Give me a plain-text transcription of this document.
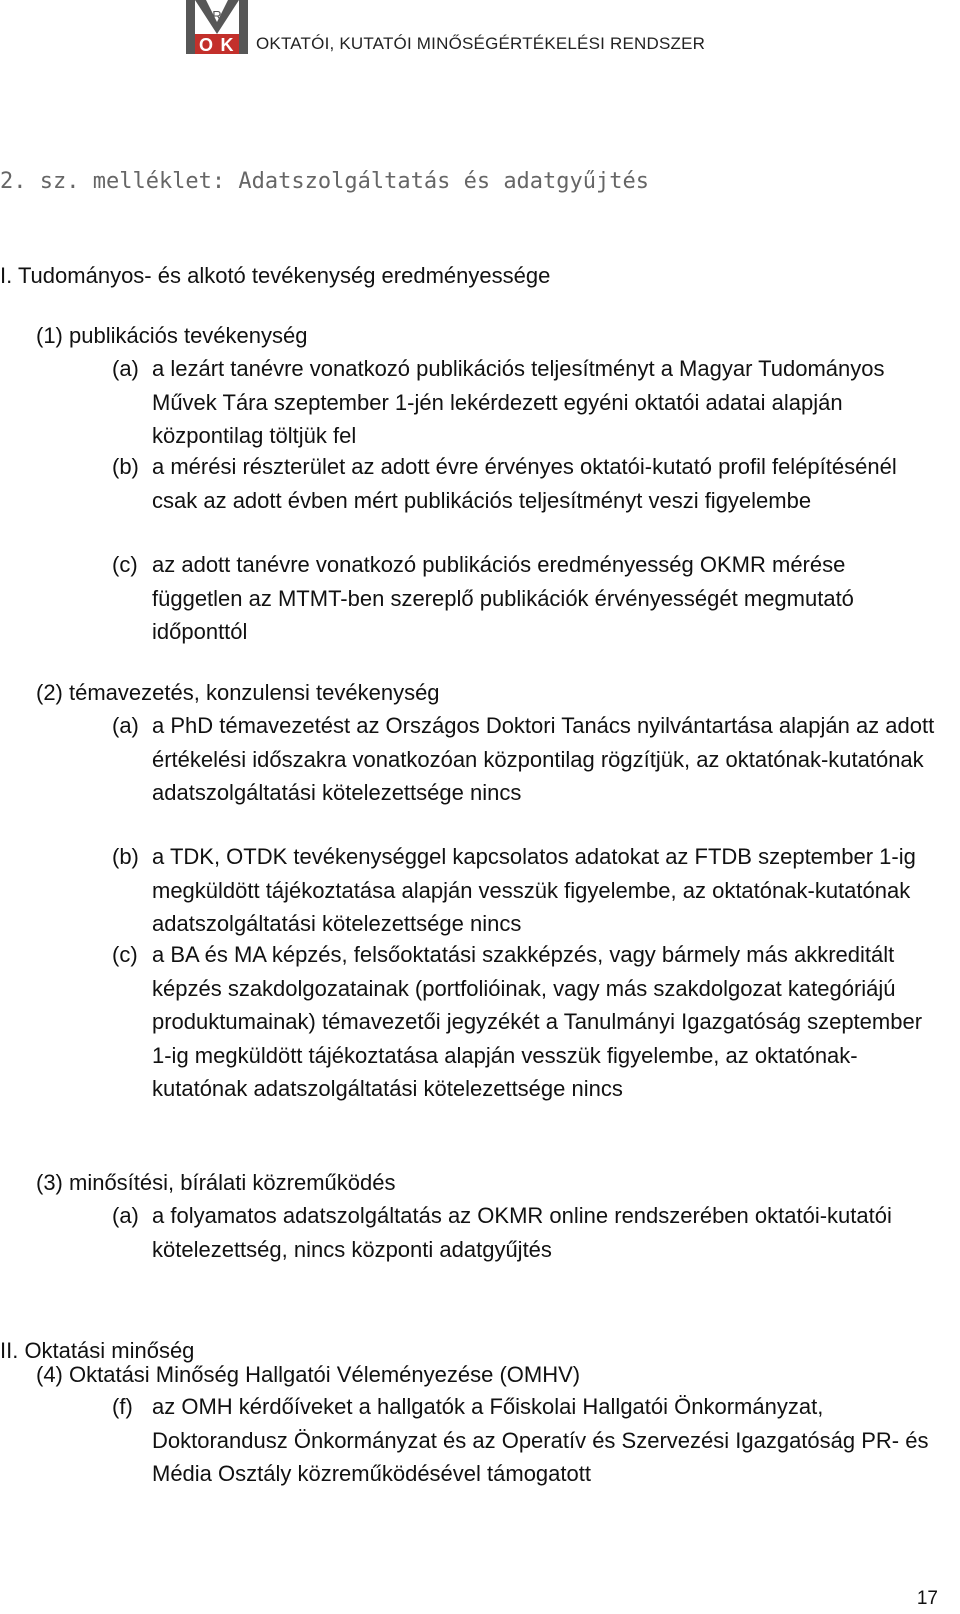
R
O K OKTATÓI, KUTATÓI MINŐSÉGÉRTÉKELÉSI RENDSZER
2. sz. melléklet: Adatszolgáltatás és adatgyűjtés
I. Tudományos- és alkotó tevékenység eredményessége
(1) publikációs tevékenység
(a) a lezárt tanévre vonatkozó publikációs teljesítményt a Magyar Tudományos Művek Tára szeptember 1-jén lekérdezett egyéni oktatói adatai alapján központilag töltjük fel
(b) a mérési részterület az adott évre érvényes oktatói-kutató profil felépítésénél csak az adott évben mért publikációs teljesítményt veszi figyelembe
(c) az adott tanévre vonatkozó publikációs eredményesség OKMR mérése független az MTMT-ben szereplő publikációk érvényességét megmutató időponttól
(2) témavezetés, konzulensi tevékenység
(a) a PhD témavezetést az Országos Doktori Tanács nyilvántartása alapján az adott értékelési időszakra vonatkozóan központilag rögzítjük, az oktatónak-kutatónak adatszolgáltatási kötelezettsége nincs
(b) a TDK, OTDK tevékenységgel kapcsolatos adatokat az FTDB szeptember 1-ig megküldött tájékoztatása alapján vesszük figyelembe, az oktatónak-kutatónak adatszolgáltatási kötelezettsége nincs
(c) a BA és MA képzés, felsőoktatási szakképzés, vagy bármely más akkreditált képzés szakdolgozatainak (portfolióinak, vagy más szakdolgozat kategóriájú produktumainak) témavezetői jegyzékét a Tanulmányi Igazgatóság szeptember 1-ig megküldött tájékoztatása alapján vesszük figyelembe, az oktatónak-kutatónak adatszolgáltatási kötelezettsége nincs
(3) minősítési, bírálati közreműködés
(a) a folyamatos adatszolgáltatás az OKMR online rendszerében oktatói-kutatói kötelezettség, nincs központi adatgyűjtés
II. Oktatási minőség
(4) Oktatási Minőség Hallgatói Véleményezése (OMHV)
(f) az OMH kérdőíveket a hallgatók a Főiskolai Hallgatói Önkormányzat, Doktorandusz Önkormányzat és az Operatív és Szervezési Igazgatóság PR- és Média Osztály közreműködésével támogatott
17
